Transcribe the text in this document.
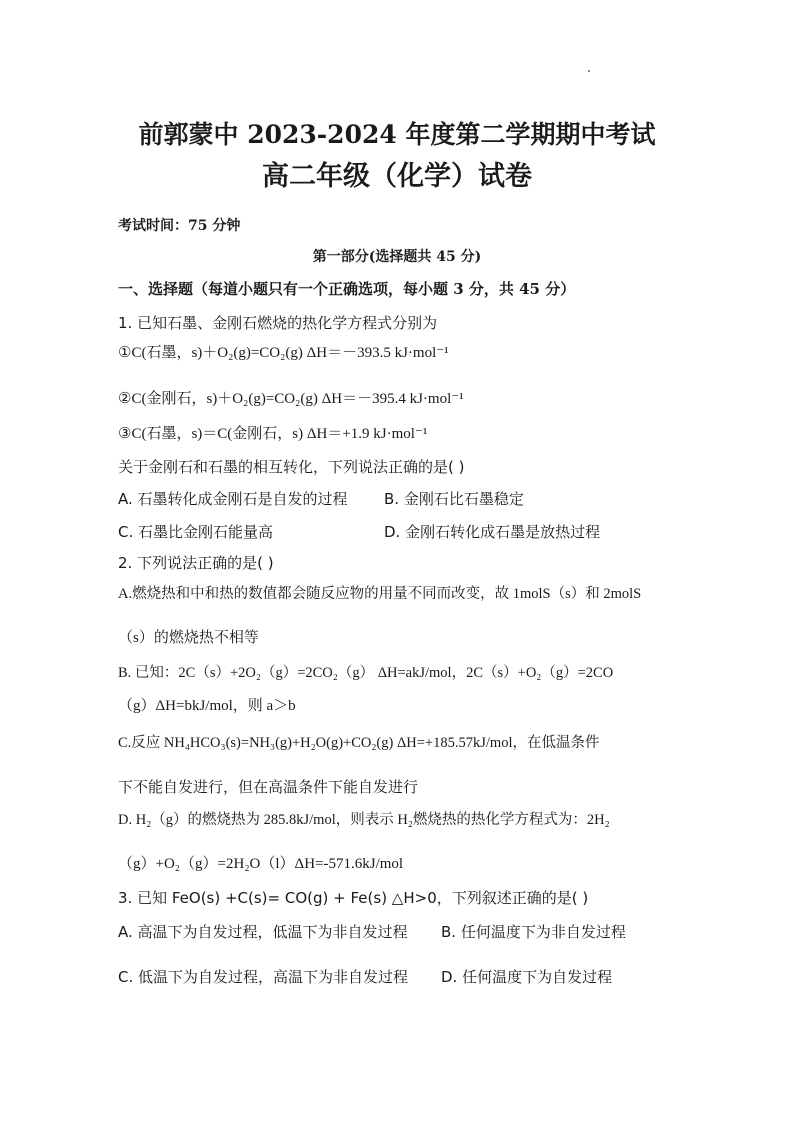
前郭蒙中 2023-2024 年度第二学期期中考试
高二年级（化学）试卷
考试时间：75 分钟
第一部分(选择题共 45 分)
一、选择题（每道小题只有一个正确选项，每小题 3 分，共 45 分）
1. 已知石墨、金刚石燃烧的热化学方程式分别为
①C(石墨，s)＋O₂(g)=CO₂(g) ΔH＝－393.5 kJ·mol⁻¹
②C(金刚石，s)＋O₂(g)=CO₂(g) ΔH＝－395.4 kJ·mol⁻¹
③C(石墨，s)＝C(金刚石，s) ΔH＝+1.9 kJ·mol⁻¹
关于金刚石和石墨的相互转化，下列说法正确的是( )
A. 石墨转化成金刚石是自发的过程 B. 金刚石比石墨稳定
C. 石墨比金刚石能量高	D. 金刚石转化成石墨是放热过程
2. 下列说法正确的是( )
A.燃烧热和中和热的数值都会随反应物的用量不同而改变，故 1molS（s）和 2molS
（s）的燃烧热不相等
B. 已知：2C（s）+2O₂（g）=2CO₂（g） ΔH=akJ/mol，2C（s）+O₂（g）=2CO
（g）ΔH=bkJ/mol，则 a＞b
C.反应 NH₄HCO₃(s)=NH₃(g)+H₂O(g)+CO₂(g) ΔH=+185.57kJ/mol，在低温条件
下不能自发进行，但在高温条件下能自发进行
D. H₂（g）的燃烧热为 285.8kJ/mol，则表示 H₂燃烧热的热化学方程式为：2H₂
（g）+O₂（g）=2H₂O（l）ΔH=-571.6kJ/mol
3. 已知 FeO(s) +C(s)= CO(g) + Fe(s) △H>0，下列叙述正确的是( )
A. 高温下为自发过程，低温下为非自发过程 B. 任何温度下为非自发过程
C. 低温下为自发过程，高温下为非自发过程 D. 任何温度下为自发过程
